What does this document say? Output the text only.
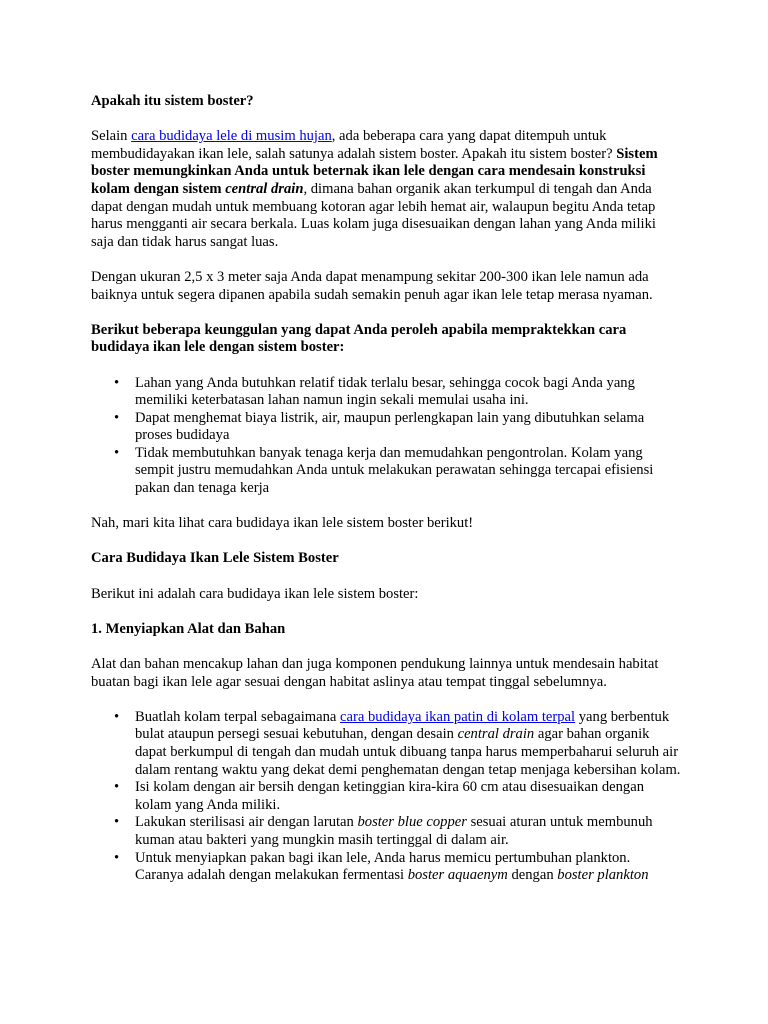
Apakah itu sistem boster?

Selain cara budidaya lele di musim hujan, ada beberapa cara yang dapat ditempuh untuk membudidayakan ikan lele, salah satunya adalah sistem boster. Apakah itu sistem boster? Sistem boster memungkinkan Anda untuk beternak ikan lele dengan cara mendesain konstruksi kolam dengan sistem central drain, dimana bahan organik akan terkumpul di tengah dan Anda dapat dengan mudah untuk membuang kotoran agar lebih hemat air, walaupun begitu Anda tetap harus mengganti air secara berkala. Luas kolam juga disesuaikan dengan lahan yang Anda miliki saja dan tidak harus sangat luas.

Dengan ukuran 2,5 x 3 meter saja Anda dapat menampung sekitar 200-300 ikan lele namun ada baiknya untuk segera dipanen apabila sudah semakin penuh agar ikan lele tetap merasa nyaman.

Berikut beberapa keunggulan yang dapat Anda peroleh apabila mempraktekkan cara budidaya ikan lele dengan sistem boster:

• Lahan yang Anda butuhkan relatif tidak terlalu besar, sehingga cocok bagi Anda yang memiliki keterbatasan lahan namun ingin sekali memulai usaha ini.
• Dapat menghemat biaya listrik, air, maupun perlengkapan lain yang dibutuhkan selama proses budidaya
• Tidak membutuhkan banyak tenaga kerja dan memudahkan pengontrolan. Kolam yang sempit justru memudahkan Anda untuk melakukan perawatan sehingga tercapai efisiensi pakan dan tenaga kerja

Nah, mari kita lihat cara budidaya ikan lele sistem boster berikut!

Cara Budidaya Ikan Lele Sistem Boster

Berikut ini adalah cara budidaya ikan lele sistem boster:

1. Menyiapkan Alat dan Bahan

Alat dan bahan mencakup lahan dan juga komponen pendukung lainnya untuk mendesain habitat buatan bagi ikan lele agar sesuai dengan habitat aslinya atau tempat tinggal sebelumnya.

• Buatlah kolam terpal sebagaimana cara budidaya ikan patin di kolam terpal yang berbentuk bulat ataupun persegi sesuai kebutuhan, dengan desain central drain agar bahan organik dapat berkumpul di tengah dan mudah untuk dibuang tanpa harus memperbaharui seluruh air dalam rentang waktu yang dekat demi penghematan dengan tetap menjaga kebersihan kolam.
• Isi kolam dengan air bersih dengan ketinggian kira-kira 60 cm atau disesuaikan dengan kolam yang Anda miliki.
• Lakukan sterilisasi air dengan larutan boster blue copper sesuai aturan untuk membunuh kuman atau bakteri yang mungkin masih tertinggal di dalam air.
• Untuk menyiapkan pakan bagi ikan lele, Anda harus memicu pertumbuhan plankton. Caranya adalah dengan melakukan fermentasi boster aquaenym dengan boster plankton
